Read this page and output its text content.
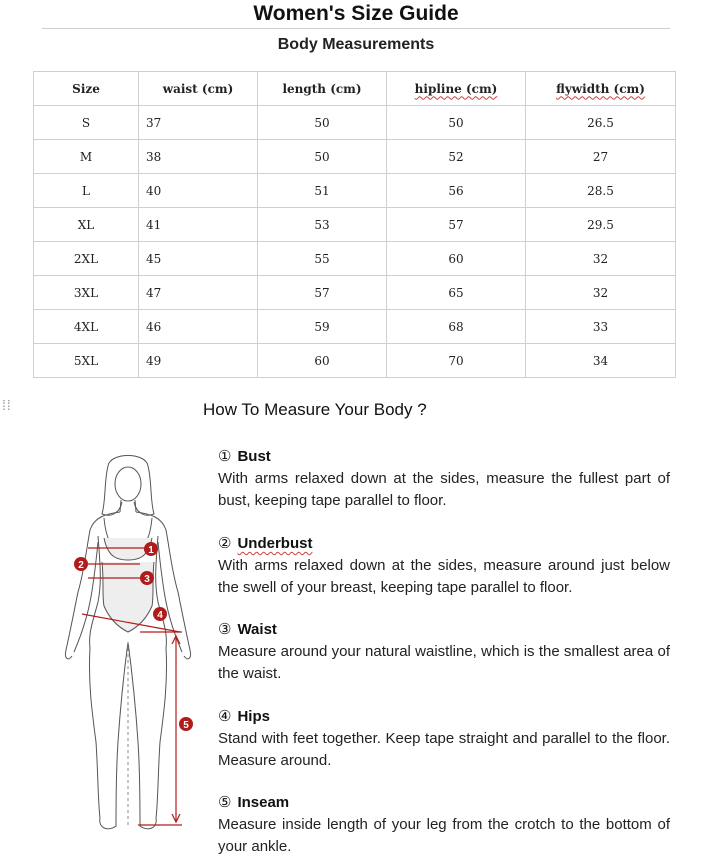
Women's Size Guide
Body Measurements
Size	waist (cm)	length (cm)	hipline (cm)	flywidth (cm)
S	37	50	50	26.5
M	38	50	52	27
L	40	51	56	28.5
XL	41	53	57	29.5
2XL	45	55	60	32
3XL	47	57	65	32
4XL	46	59	68	33
5XL	49	60	70	34
⁞⁞	How To Measure Your Body ?
1
2
3
4
5
① Bust
With arms relaxed down at the sides, measure the fullest part of bust, keeping tape parallel to floor.
② Underbust
With arms relaxed down at the sides, measure around just below the swell of your breast, keeping tape parallel to floor.
③ Waist
Measure around your natural waistline, which is the smallest area of the waist.
④ Hips
Stand with feet together. Keep tape straight and parallel to the floor. Measure around.
⑤ Inseam
Measure inside length of your leg from the crotch to the bottom of your ankle.
